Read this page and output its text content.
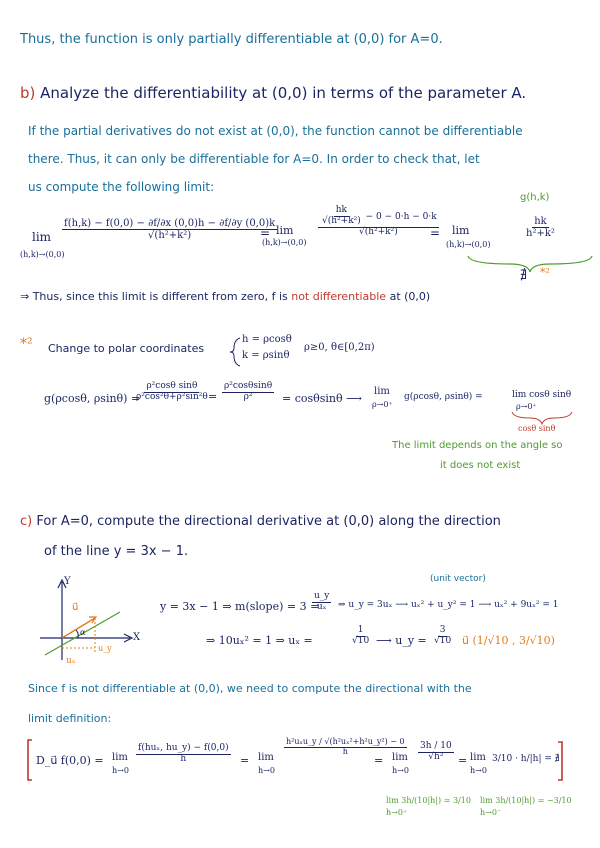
Thus, the function is only partially differentiable at (0,0) for A=0.
b) Analyze the differentiability at (0,0) in terms of the parameter A.
If the partial derivatives do not exist at (0,0), the function cannot be differentiable
there. Thus, it can only be differentiable for A=0. In order to check that, let
us compute the following limit:
g(h,k)
lim
(h,k)→(0,0)
$\frac{f(h,k) - f(0,0) - \partial f/\partial x (0,0)h - \partial f/\partial y (0,0)k}{\text{√(h²+k²)}}$
= lim
(h,k)→(0,0)
$\frac{\frac{hk}{\text{√(h²+k²)}} - 0 - 0\cdot h - 0\cdot k}{\text{√(h²+k²)}}$
= lim
(h,k)→(0,0)
$\frac{hk}{\text{h²+k²}}$
∄ *²
⇒ Thus, since this limit is different from zero, f is not differentiable at (0,0)
*² Change to polar coordinates
h = ρcosθ
k = ρsinθ
ρ≥0, θ∈[0,2π)
g(ρcosθ, ρsinθ) =
$\frac{\text{ρ²cosθ sinθ}}{\text{ρ²cos²θ+ρ²sin²θ}}$
= $\frac{\text{ρ²cosθsinθ}}{\text{ρ²}} = \cos\theta\sin\theta$ ⟶
lim
ρ→0⁺
g(ρcosθ, ρsinθ) =	lim cosθ sinθ
ρ→0⁺
cosθ sinθ
The limit depends on the angle so
it does not exist
c) For A=0, compute the directional derivative at (0,0) along the direction
of the line y = 3x − 1.
(unit vector)
Y
X
u⃗
α
uₓ
u_y
y = 3x − 1 ⇒ m(slope) = 3 =
$\frac{u\_y}{\text{uₓ}}$ ⇒ u_y = 3uₓ ⟶ uₓ² + u_y² = 1 ⟶ uₓ² + 9uₓ² = 1
⇒ 10uₓ² = 1 ⇒ uₓ =	$\frac{1}{√10}$ ⟶ u_y = $\frac{3}{√10}$ u⃗ (1/√10 , 3/√10)
Since f is not differentiable at (0,0), we need to compute the directional with the
limit definition:
D_u⃗ f(0,0) = lim
h→0
$\frac{\text{f(huₓ, hu\_y) − f(0,0)}}{h} = \lim$
h→0
$\frac{\text{h²uₓu\_y / √(h²uₓ²+h²u\_y²) − 0}}{h}$
= lim
h→0
$\frac{3h / 10}{\text{√h²}} = \lim$
h→0
3/10 · h/|h| = ∄
lim 3h/(10|h|) = 3/10
h→0⁺
lim 3h/(10|h|) = −3/10
h→0⁻
